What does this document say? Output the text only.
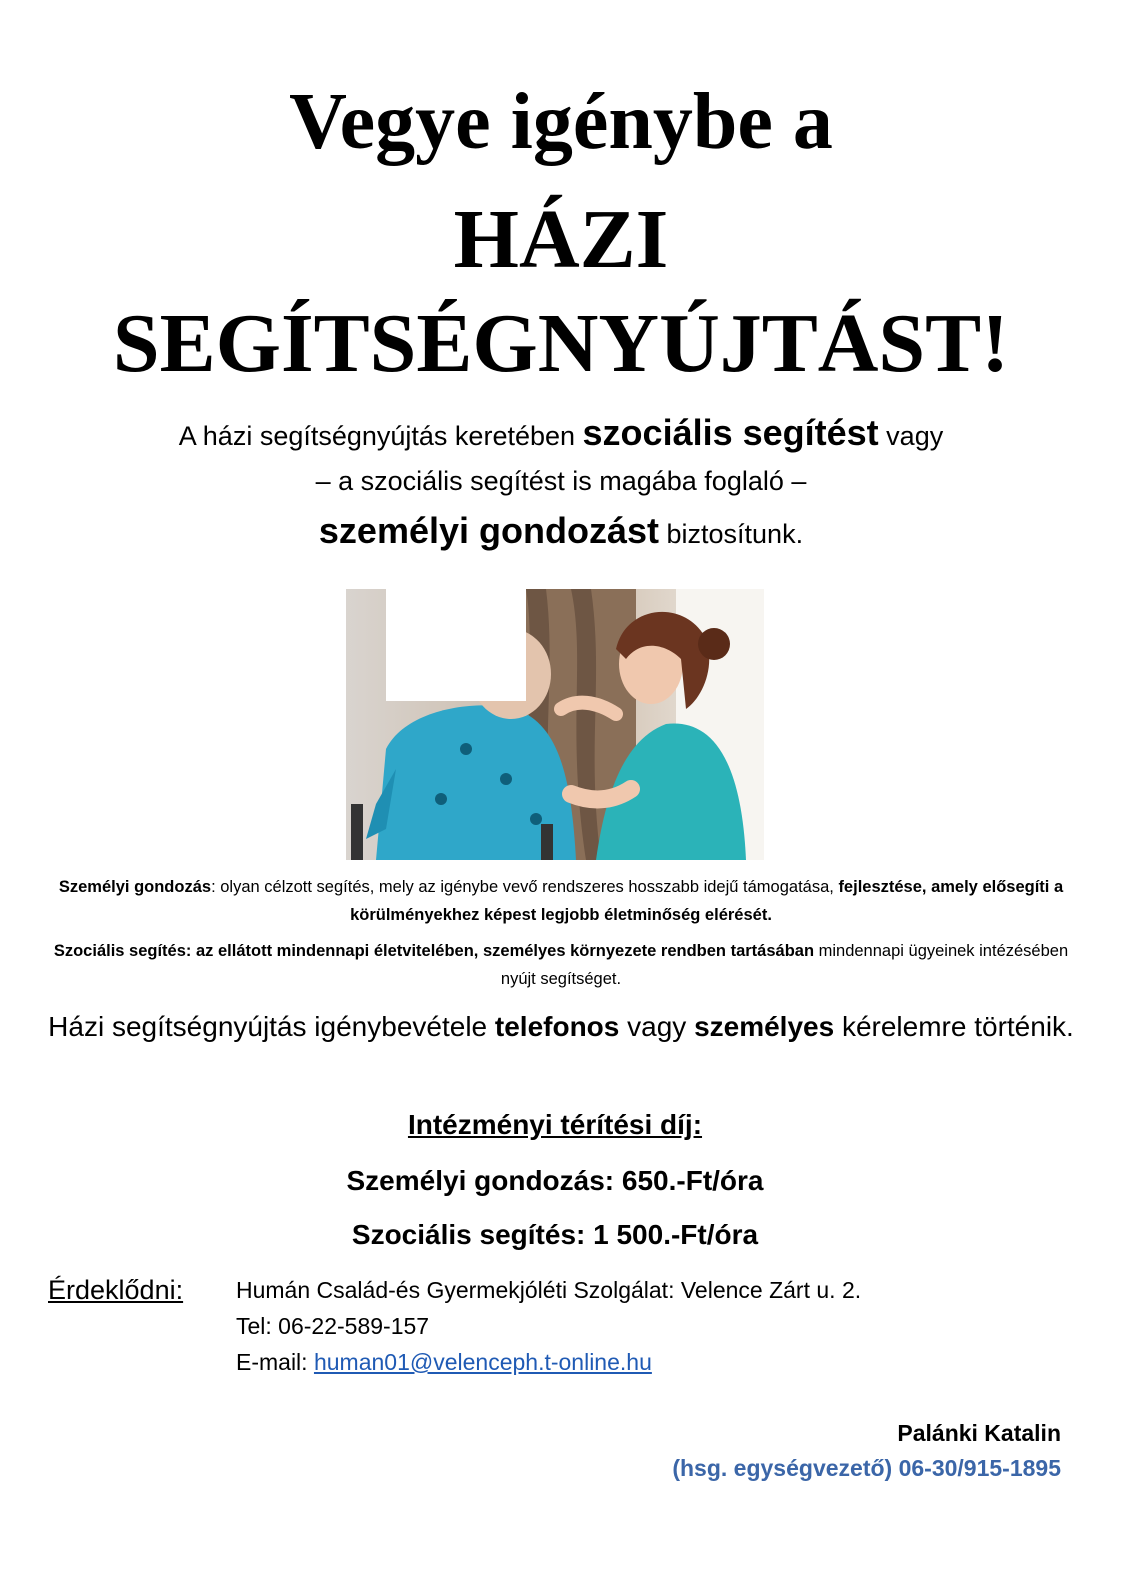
Vegye igénybe a
HÁZI
SEGÍTSÉGNYÚJTÁST!
A házi segítségnyújtás keretében szociális segítést vagy
– a szociális segítést is magába foglaló –
személyi gondozást biztosítunk.
Személyi gondozás: olyan célzott segítés, mely az igénybe vevő rendszeres hosszabb idejű támogatása, fejlesztése, amely elősegíti a körülményekhez képest legjobb életminőség elérését.
Szociális segítés: az ellátott mindennapi életvitelében, személyes környezete rendben tartásában mindennapi ügyeinek intézésében nyújt segítséget.
Házi segítségnyújtás igénybevétele telefonos vagy személyes kérelemre történik.
Intézményi térítési díj:
Személyi gondozás: 650.-Ft/óra
Szociális segítés: 1 500.-Ft/óra
Érdeklődni: Humán Család-és Gyermekjóléti Szolgálat: Velence Zárt u. 2.
Tel: 06-22-589-157
E-mail: human01@velenceph.t-online.hu
Palánki Katalin
(hsg. egységvezető) 06-30/915-1895
